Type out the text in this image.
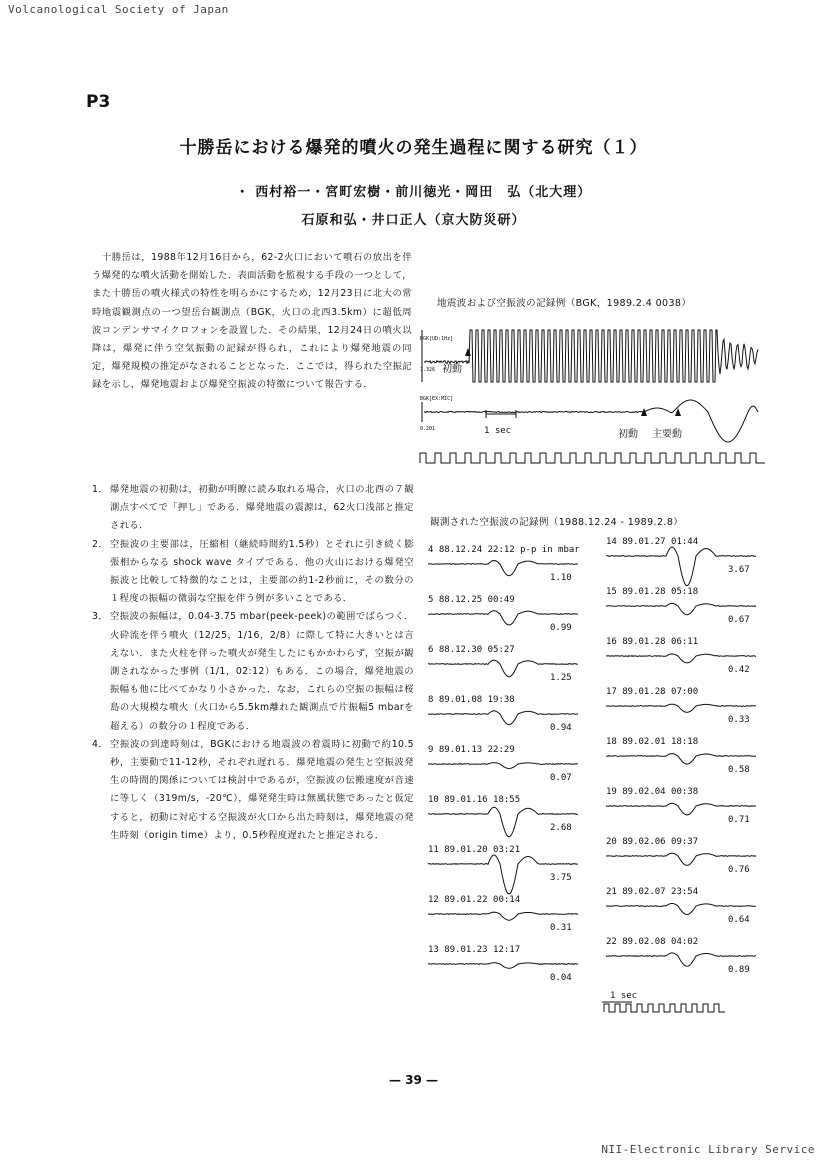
Volcanological Society of Japan
P3
十勝岳における爆発的噴火の発生過程に関する研究（１）
・ 西村裕一・宮町宏樹・前川徳光・岡田　弘（北大理）
石原和弘・井口正人（京大防災研）
　十勝岳は，1988年12月16日から，62-2火口において噴石の放出を伴う爆発的な噴火活動を開始した．表面活動を監視する手段の一つとして，また十勝岳の噴火様式の特性を明らかにするため，12月23日に北大の常時地震観測点の一つ望岳台観測点（BGK，火口の北西3.5km）に超低周波コンデンサマイクロフォンを設置した．その結果，12月24日の噴火以降は，爆発に伴う空気振動の記録が得られ，これにより爆発地震の同定，爆発規模の推定がなされることとなった．ここでは，得られた空振記録を示し，爆発地震および爆発空振波の特徴について報告する．
1． 爆発地震の初動は，初動が明瞭に読み取れる場合，火口の北西の７観測点すべてで「押し」である．爆発地震の震源は，62火口浅部と推定される．
2． 空振波の主要部は，圧縮相（継続時間約1.5秒）とそれに引き続く膨張相からなる shock wave タイプである．他の火山における爆発空振波と比較して特徴的なことは，主要部の約1-2秒前に，その数分の１程度の振幅の微弱な空振を伴う例が多いことである．
3． 空振波の振幅は，0.04-3.75 mbar(peek-peek)の範囲でばらつく．火砕流を伴う噴火（12/25，1/16，2/8）に際して特に大きいとは言えない．また火柱を伴った噴火が発生したにもかかわらず，空振が観測されなかった事例（1/1，02:12）もある．この場合，爆発地震の振幅も他に比べてかなり小さかった．なお，これらの空振の振幅は桜島の大規模な噴火（火口から5.5km離れた観測点で片振幅5 mbarを超える）の数分の１程度である．
4． 空振波の到達時刻は，BGKにおける地震波の着震時に初動で約10.5秒，主要動で11-12秒，それぞれ遅れる．爆発地震の発生と空振波発生の時間的関係については検討中であるが，空振波の伝搬速度が音速に等しく（319m/s，-20℃），爆発発生時は無風状態であったと仮定すると，初動に対応する空振波が火口から出た時刻は，爆発地震の発生時刻（origin time）より，0.5秒程度遅れたと推定される．
地震波および空振波の記録例（BGK，1989.2.4 0038）
BGK[UD:1Hz]
1.326 初動
BGK[EX:MIC]
0.201	1 sec	初動 主要動
観測された空振波の記録例（1988.12.24 - 1989.2.8）
4 88.12.24 22:12 p-p in mbar
1.10
5 88.12.25 00:49
0.99
6 88.12.30 05:27
1.25
8 89.01.08 19:38
0.94
9 89.01.13 22:29
0.07
10 89.01.16 18:55
2.68
11 89.01.20 03:21
3.75
12 89.01.22 00:14
0.31
13 89.01.23 12:17
0.04
14 89.01.27 01:44
3.67
15 89.01.28 05:18
0.67
16 89.01.28 06:11
0.42
17 89.01.28 07:00
0.33
18 89.02.01 18:18
0.58
19 89.02.04 00:38
0.71
20 89.02.06 09:37
0.76
21 89.02.07 23:54
0.64
22 89.02.08 04:02
0.89
1 sec
— 39 —
NII-Electronic Library Service
